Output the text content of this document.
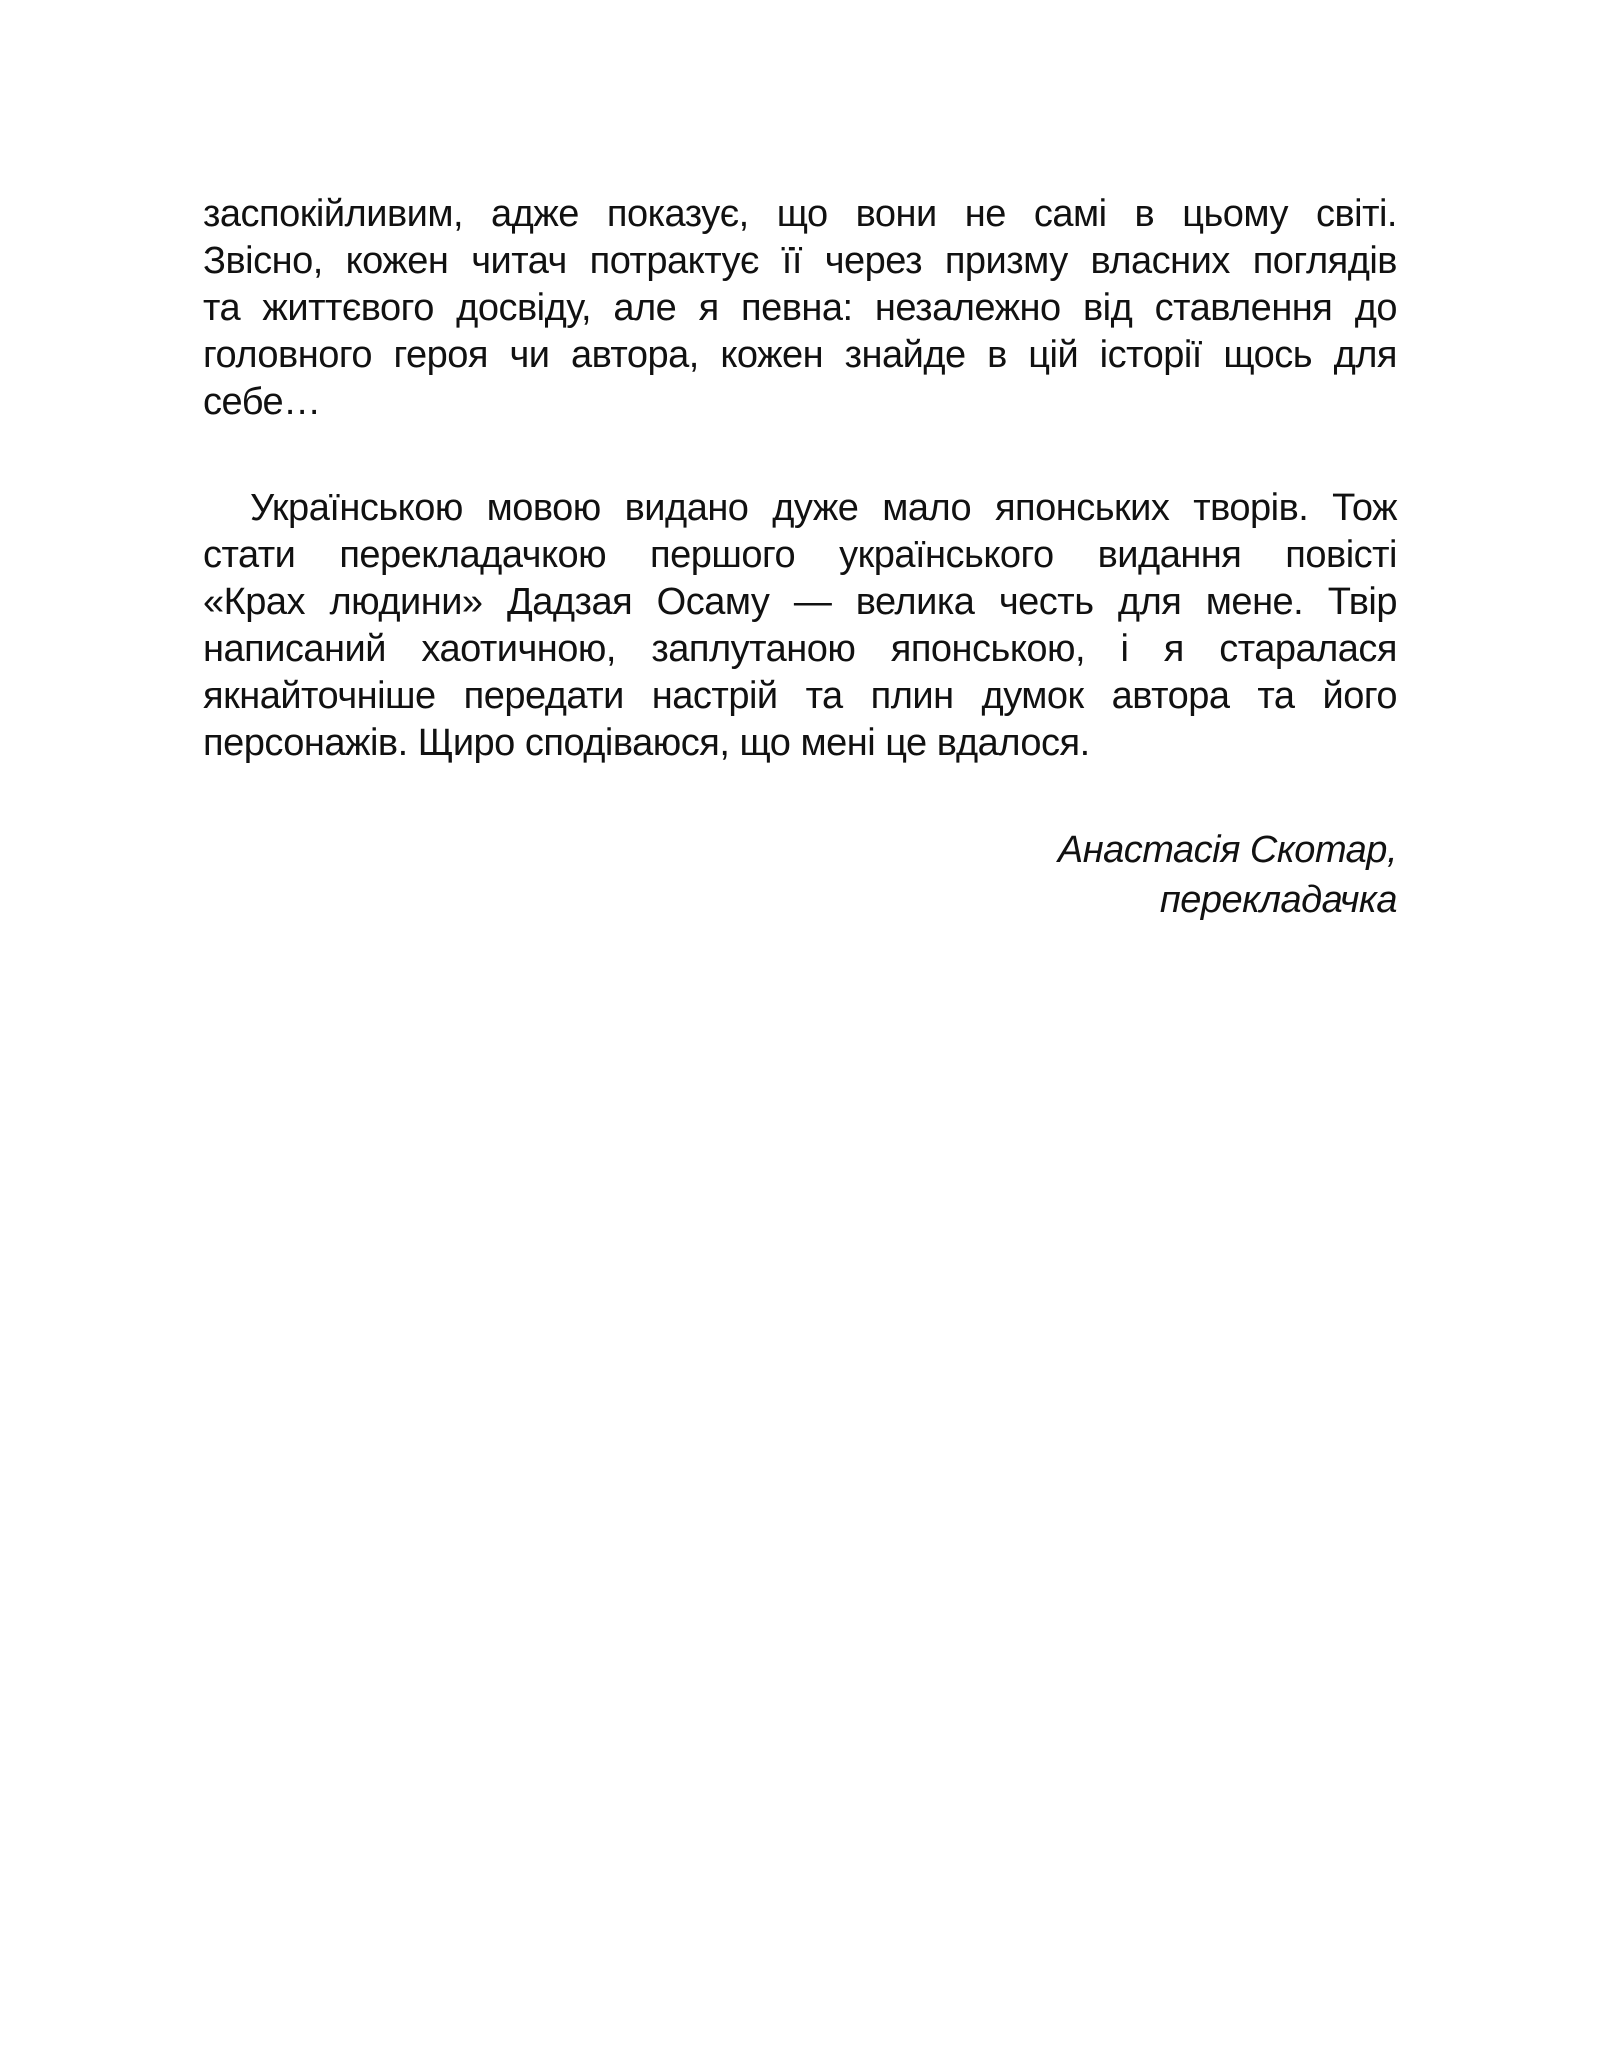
заспокійливим, адже показує, що вони не самі в цьому світі.
Звісно, кожен читач потрактує її через призму власних поглядів
та життєвого досвіду, але я певна: незалежно від ставлення до
головного героя чи автора, кожен знайде в цій історії щось для
себе…
Українською мовою видано дуже мало японських творів. Тож
стати перекладачкою першого українського видання повісті
«Крах людини» Дадзая Осаму — велика честь для мене. Твір
написаний хаотичною, заплутаною японською, і я старалася
якнайточніше передати настрій та плин думок автора та його
персонажів. Щиро сподіваюся, що мені це вдалося.
Анастасія Скотар,
перекладачка
